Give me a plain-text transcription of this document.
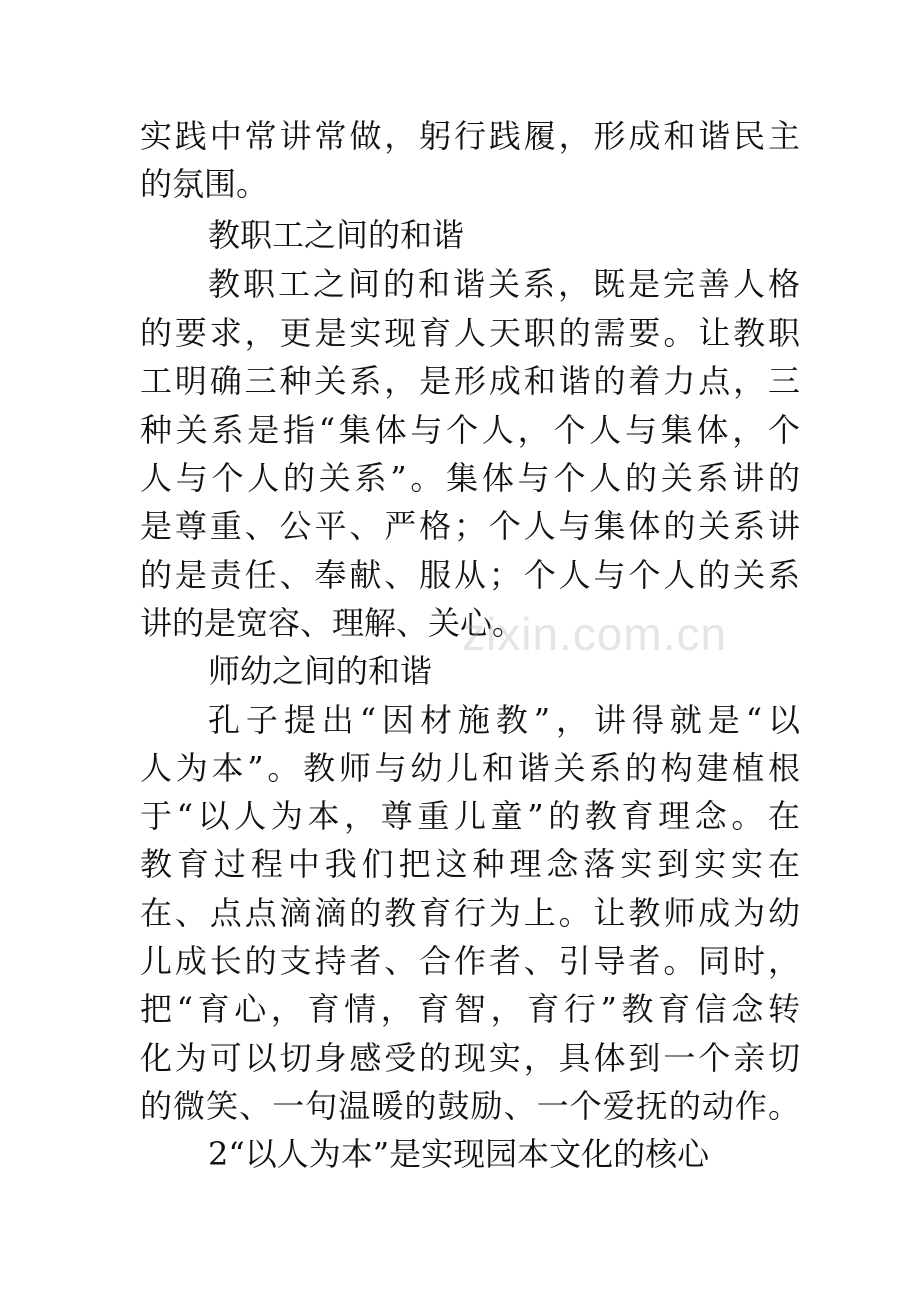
实践中常讲常做，躬行践履，形成和谐民主
的氛围。
教职工之间的和谐
教职工之间的和谐关系，既是完善人格
的要求，更是实现育人天职的需要。让教职
工明确三种关系，是形成和谐的着力点，三
种关系是指“集体与个人，个人与集体，个
人与个人的关系”。集体与个人的关系讲的
是尊重、公平、严格；个人与集体的关系讲
的是责任、奉献、服从；个人与个人的关系
讲的是宽容、理解、关心。
师幼之间的和谐
孔子提出“因材施教”，讲得就是“以
人为本”。教师与幼儿和谐关系的构建植根
于“以人为本，尊重儿童”的教育理念。在
教育过程中我们把这种理念落实到实实在
在、点点滴滴的教育行为上。让教师成为幼
儿成长的支持者、合作者、引导者。同时，
把“育心，育情，育智，育行”教育信念转
化为可以切身感受的现实，具体到一个亲切
的微笑、一句温暖的鼓励、一个爱抚的动作。
2“以人为本”是实现园本文化的核心
zixin.com.cn
